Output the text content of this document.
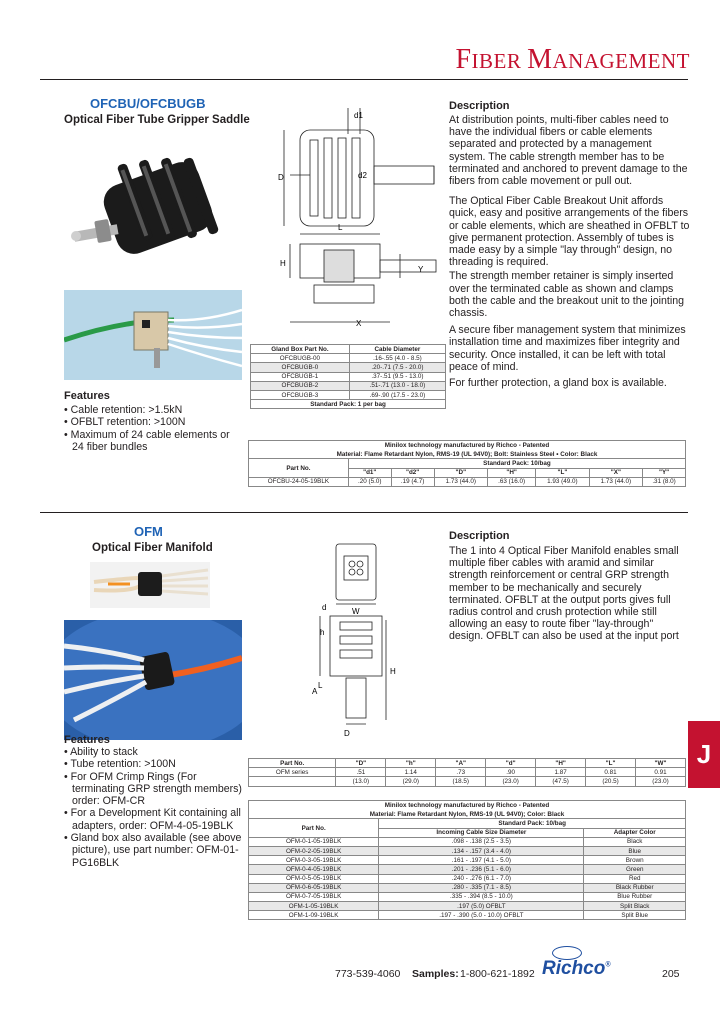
FIBER MANAGEMENT
OFCBU/OFCBUGB
Optical Fiber Tube Gripper Saddle	d1
D	d2
L
H
Y
X
Description

At distribution points, multi-fiber cables need to have the individual fibers or cable elements separated and protected by a management system. The cable strength member has to be terminated and anchored to prevent damage to the fibers from cable movement or pull out.

The Optical Fiber Cable Breakout Unit affords quick, easy and positive arrangements of the fibers or cable elements, which are sheathed in OFBLT to give permanent protection. Assembly of tubes is made easy by a simple "lay through" design, no threading is required.

The strength member retainer is simply inserted over the terminated cable as shown and clamps both the cable and the breakout unit to the jointing chassis.

A secure fiber management system that minimizes installation time and maximizes fiber integrity and security. Once installed, it can be left with total peace of mind.

For further protection, a gland box is available.

Gland Box Part No.	Cable Diameter
OFCBUGB-00	.16-.55 (4.0 - 8.5)
OFCBUGB-0	.20-.71 (7.5 - 20.0)
OFCBUGB-1	.37-.51 (9.5 - 13.0)
OFCBUGB-2	.51-.71 (13.0 - 18.0)
OFCBUGB-3	.69-.90 (17.5 - 23.0)
Standard Pack: 1 per bag	
Features
• Cable retention: >1.5kN
• OFBLT retention: >100N
• Maximum of 24 cable elements or 24 fiber bundles	Minilox technology manufactured by Richco - Patented							
Material: Flame Retardant Nylon, RMS-19 (UL 94V0); Bolt: Stainless Steel • Color: Black							
Part No.	Standard Pack: 10/bag						
	"d1"	"d2"	"D"	"H"	"L"	"X"	"Y"
OFCBU-24-05-19BLK	.20 (5.0)	.19 (4.7)	1.73 (44.0)	.63 (16.0)	1.93 (49.0)	1.73 (44.0)	.31 (8.0)
OFM
Optical Fiber Manifold
W
d
h
H
A
L
D
Description

The 1 into 4 Optical Fiber Manifold enables small multiple fiber cables with aramid and similar strength reinforcement or central GRP strength member to be mechanically and securely terminated. OFBLT at the output ports gives full radius control and crush protection while still allowing an easy to route fiber "lay-through" design. OFBLT can also be used at the input port

J
Features
• Ability to stack
• Tube retention: >100N
• For OFM Crimp Rings (For terminating GRP strength members) order: OFM-CR
• For a Development Kit containing all adapters, order: OFM-4-05-19BLK
• Gland box also available (see above picture), use part number: OFM-01-PG16BLK
Part No.	"D"	"h"	"A"	"d"	"H"	"L"	"W"
OFM series	.51	1.14	.73	.90	1.87	0.81	0.91
	(13.0)	(29.0)	(18.5)	(23.0)	(47.5)	(20.5)	(23.0)
Minilox technology manufactured by Richco - Patented		
Material: Flame Retardant Nylon, RMS-19 (UL 94V0); Color: Black		
Part No.	Standard Pack: 10/bag	
	Incoming Cable Size Diameter	Adapter Color
OFM-0-1-05-19BLK	.098 - .138 (2.5 - 3.5)	Black
OFM-0-2-05-19BLK	.134 - .157 (3.4 - 4.0)	Blue
OFM-0-3-05-19BLK	.161 - .197 (4.1 - 5.0)	Brown
OFM-0-4-05-19BLK	.201 - .236 (5.1 - 6.0)	Green
OFM-0-5-05-19BLK	.240 - .276 (6.1 - 7.0)	Red
OFM-0-6-05-19BLK	.280 - .335 (7.1 - 8.5)	Black Rubber
OFM-0-7-05-19BLK	.335 - .394 (8.5 - 10.0)	Blue Rubber
OFM-1-05-19BLK	.197 (5.0) OFBLT	Split Black
OFM-1-09-19BLK	.197 - .390 (5.0 - 10.0) OFBLT	Split Blue
773-539-4060 Samples: 1-800-621-1892 Richco®
205
